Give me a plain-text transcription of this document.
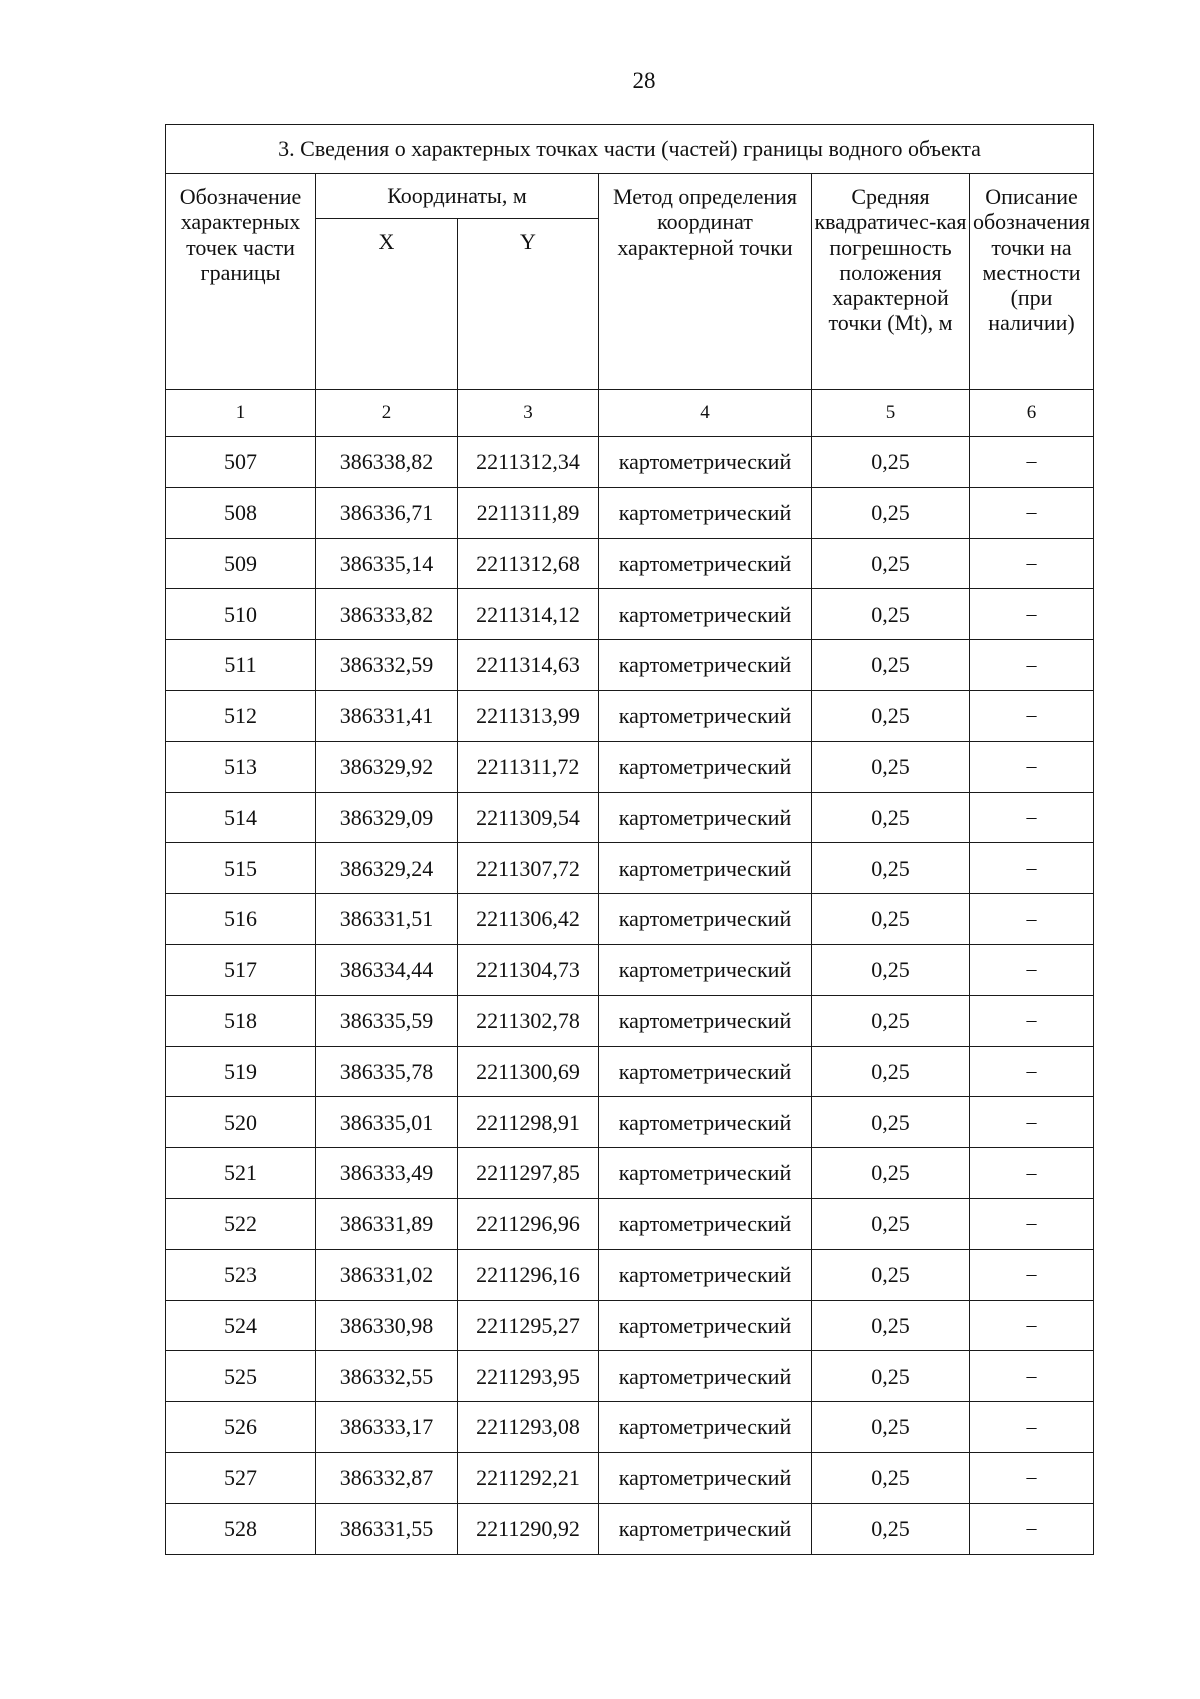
28
3. Сведения о характерных точках части (частей) границы водного объекта					
Обозначение характерных точек части границы	Координаты, м		Метод определения координат характерной точки	Средняя квадратичес-кая погрешность положения характерной точки (Mt), м	Описание обозначения точки на местности (при наличии)
	X	Y			
1	2	3	4	5	6
507	386338,82	2211312,34	картометрический	0,25	–
508	386336,71	2211311,89	картометрический	0,25	–
509	386335,14	2211312,68	картометрический	0,25	–
510	386333,82	2211314,12	картометрический	0,25	–
511	386332,59	2211314,63	картометрический	0,25	–
512	386331,41	2211313,99	картометрический	0,25	–
513	386329,92	2211311,72	картометрический	0,25	–
514	386329,09	2211309,54	картометрический	0,25	–
515	386329,24	2211307,72	картометрический	0,25	–
516	386331,51	2211306,42	картометрический	0,25	–
517	386334,44	2211304,73	картометрический	0,25	–
518	386335,59	2211302,78	картометрический	0,25	–
519	386335,78	2211300,69	картометрический	0,25	–
520	386335,01	2211298,91	картометрический	0,25	–
521	386333,49	2211297,85	картометрический	0,25	–
522	386331,89	2211296,96	картометрический	0,25	–
523	386331,02	2211296,16	картометрический	0,25	–
524	386330,98	2211295,27	картометрический	0,25	–
525	386332,55	2211293,95	картометрический	0,25	–
526	386333,17	2211293,08	картометрический	0,25	–
527	386332,87	2211292,21	картометрический	0,25	–
528	386331,55	2211290,92	картометрический	0,25	–
